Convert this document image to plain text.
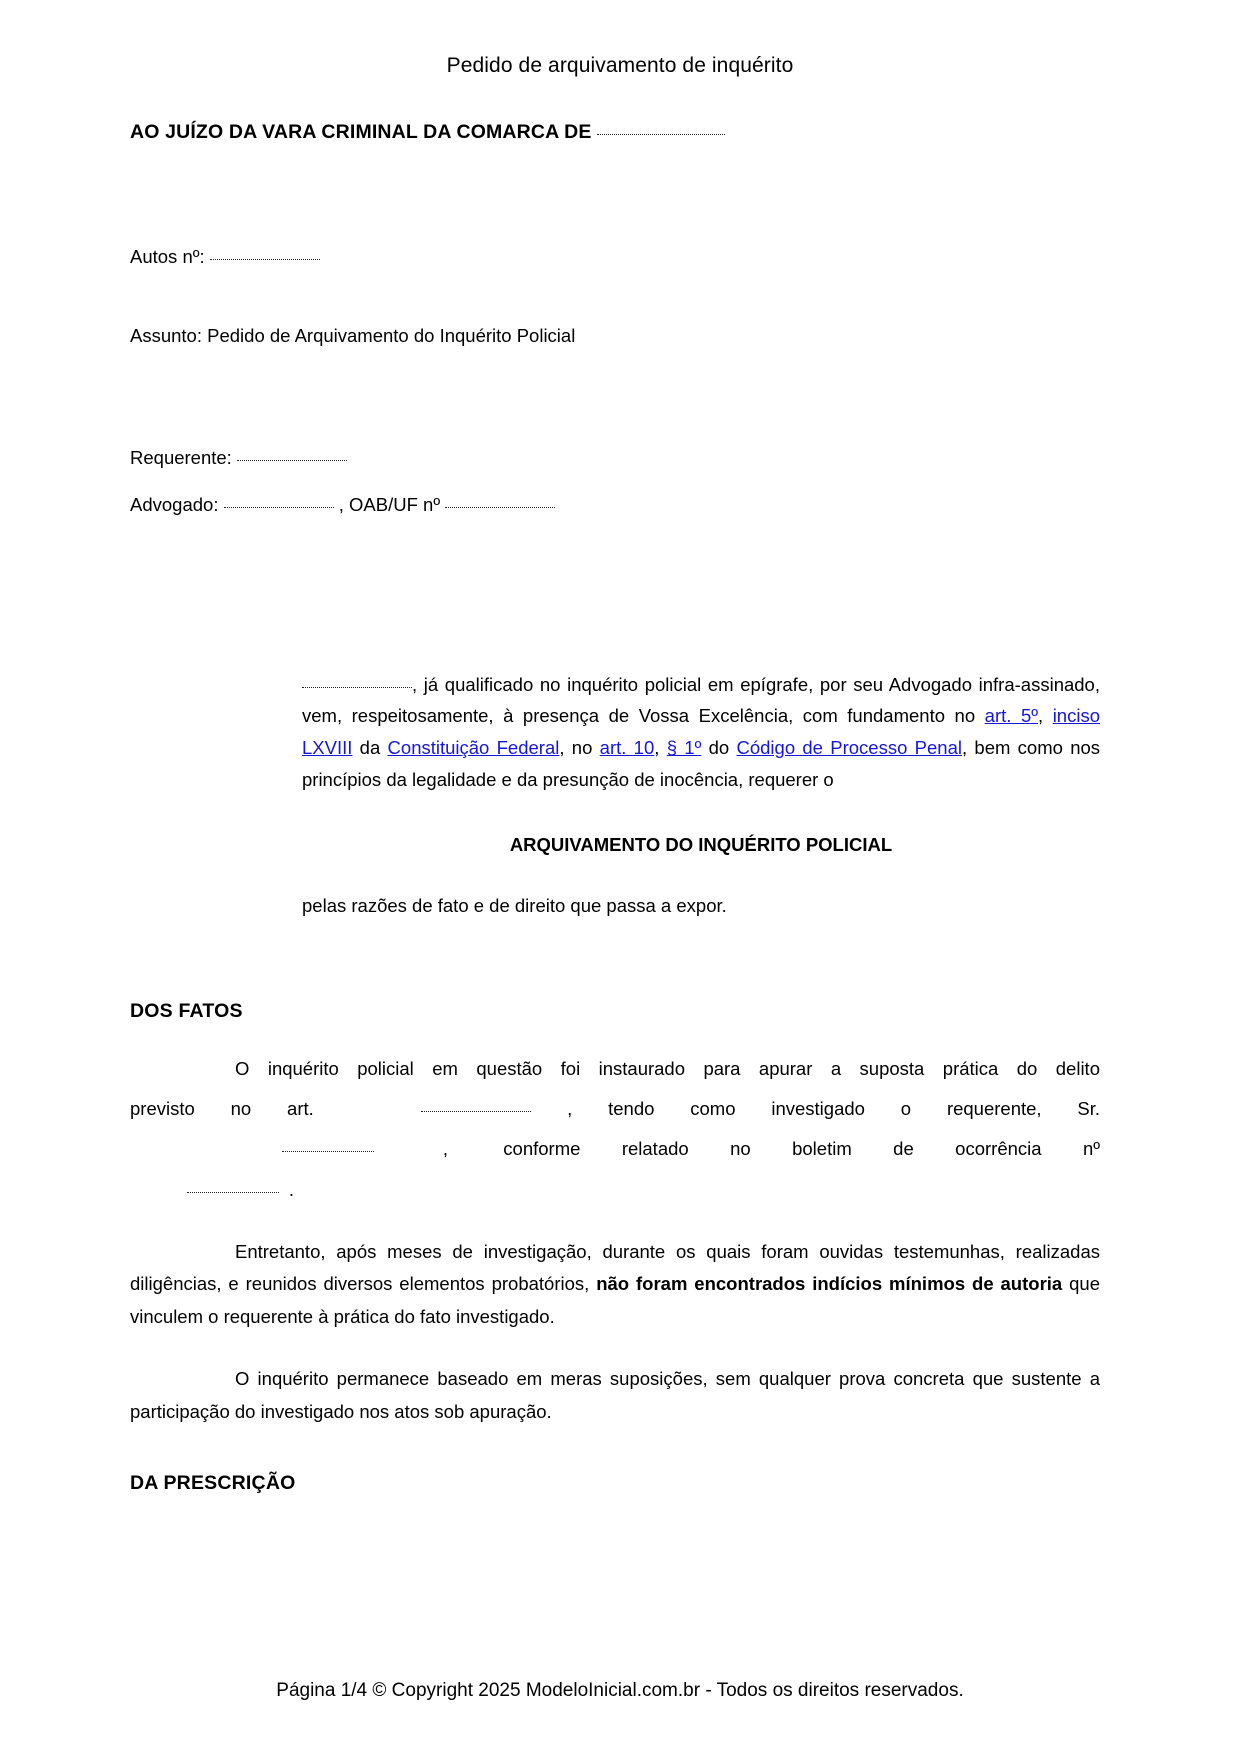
Pedido de arquivamento de inquérito
AO JUÍZO DA VARA CRIMINAL DA COMARCA DE
Autos nº:
Assunto: Pedido de Arquivamento do Inquérito Policial
Requerente:
Advogado:	, OAB/UF nº

, já qualificado no inquérito policial em epígrafe, por seu Advogado infra-assinado, vem, respeitosamente, à presença de Vossa Excelência, com fundamento no art. 5º, inciso LXVIII da Constituição Federal, no art. 10, § 1º do Código de Processo Penal, bem como nos princípios da legalidade e da presunção de inocência, requerer o

ARQUIVAMENTO DO INQUÉRITO POLICIAL

pelas razões de fato e de direito que passa a expor.

DOS FATOS

O inquérito policial em questão foi instaurado para apurar a suposta prática do delito

previsto no art.	, tendo como investigado o requerente, Sr.

,	conforme relatado no boletim de ocorrência nº

.

Entretanto, após meses de investigação, durante os quais foram ouvidas testemunhas, realizadas diligências, e reunidos diversos elementos probatórios, não foram encontrados indícios mínimos de autoria que vinculem o requerente à prática do fato investigado.

O inquérito permanece baseado em meras suposições, sem qualquer prova concreta que sustente a participação do investigado nos atos sob apuração.

DA PRESCRIÇÃO
Página 1/4 © Copyright 2025 ModeloInicial.com.br - Todos os direitos reservados.
